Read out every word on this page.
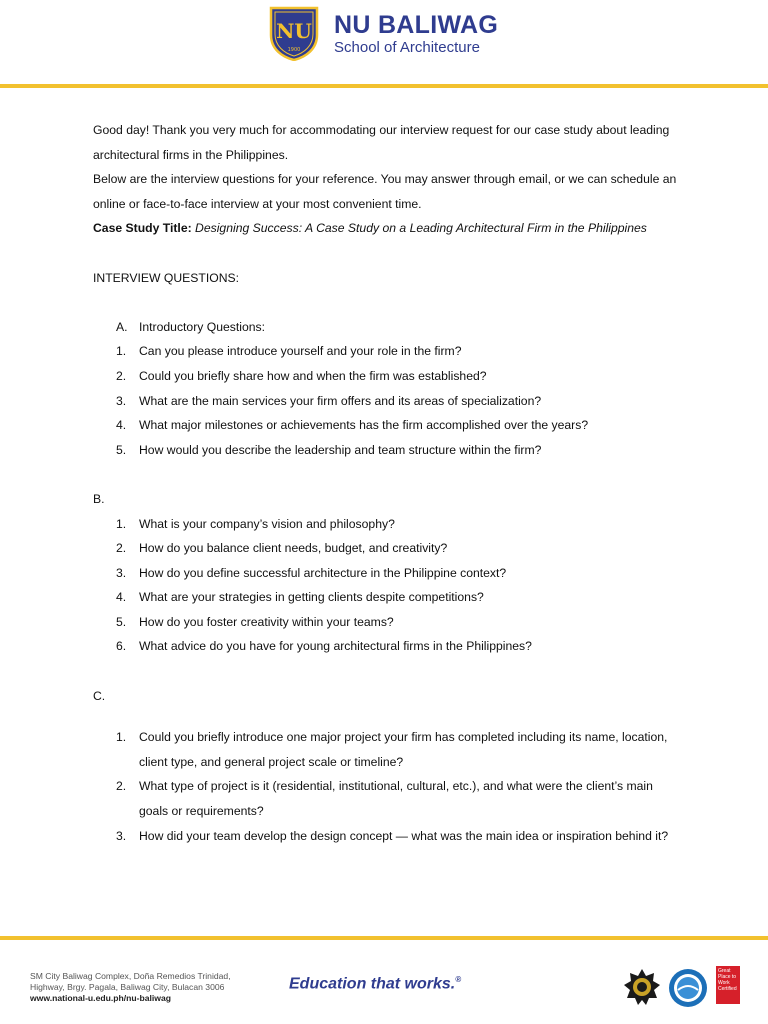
NU
1900
NU BALIWAG
School of Architecture

Good day! Thank you very much for accommodating our interview request for our case study about leading architectural firms in the Philippines.

Below are the interview questions for your reference. You may answer through email, or we can schedule an online or face-to-face interview at your most convenient time.

Case Study Title: Designing Success: A Case Study on a Leading Architectural Firm in the Philippines

INTERVIEW QUESTIONS:

A. Introductory Questions:
1. Can you please introduce yourself and your role in the firm?
2. Could you briefly share how and when the firm was established?
3. What are the main services your firm offers and its areas of specialization?
4. What major milestones or achievements has the firm accomplished over the years?
5. How would you describe the leadership and team structure within the firm?

B.

1. What is your company’s vision and philosophy?
2. How do you balance client needs, budget, and creativity?
3. How do you define successful architecture in the Philippine context?
4. What are your strategies in getting clients despite competitions?
5. How do you foster creativity within your teams?
6. What advice do you have for young architectural firms in the Philippines?

C.

1. Could you briefly introduce one major project your firm has completed including its name, location, client type, and general project scale or timeline?
2. What type of project is it (residential, institutional, cultural, etc.), and what were the client’s main goals or requirements?
3. How did your team develop the design concept — what was the main idea or inspiration behind it?
SM City Baliwag Complex, Doña Remedios Trinidad,
Highway, Brgy. Pagala, Baliwag City, Bulacan 3006
www.national-u.edu.ph/nu-baliwag
Education that works.®
Great Place to Work Certified
